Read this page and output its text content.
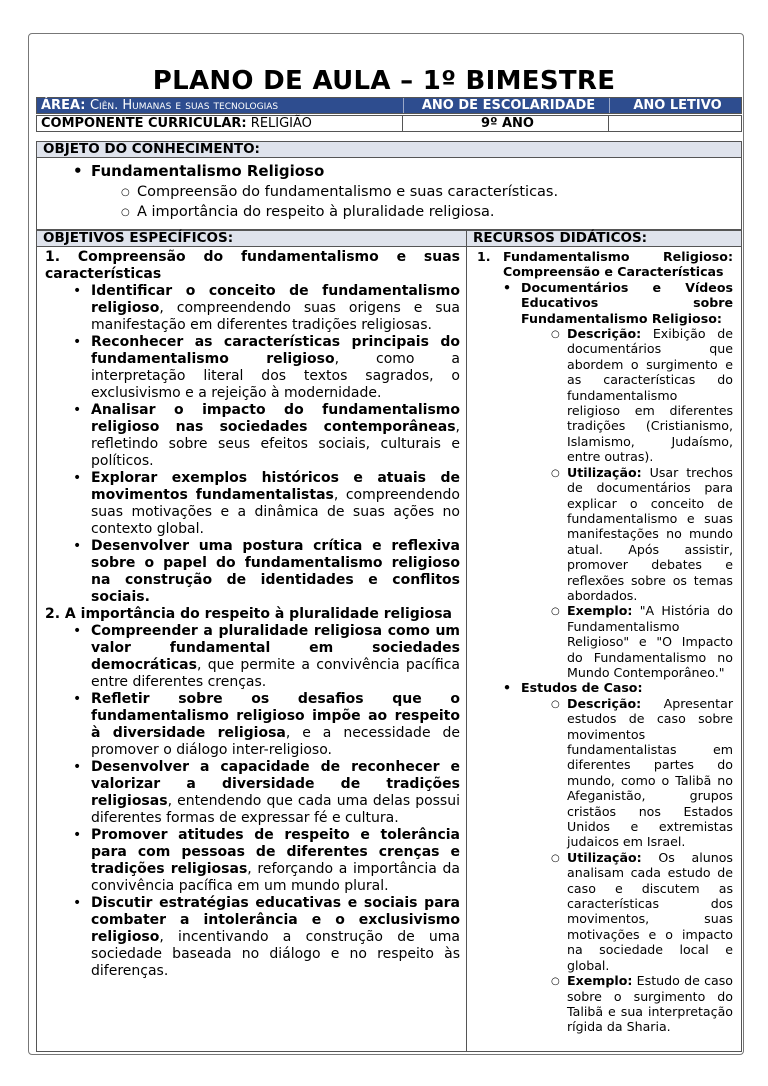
PLANO DE AULA – 1º BIMESTRE
ÁREA: Ciên. Humanas e suas tecnologias	ANO DE ESCOLARIDADE	ANO LETIVO
COMPONENTE CURRICULAR: RELIGIÃO	9º ANO
OBJETO DO CONHECIMENTO:
• Fundamentalismo Religioso
○ Compreensão do fundamentalismo e suas características.
○ A importância do respeito à pluralidade religiosa.
OBJETIVOS ESPECÍFICOS:

1. Compreensão do fundamentalismo e suas características

• Identificar o conceito de fundamentalismo religioso, compreendendo suas origens e sua manifestação em diferentes tradições religiosas.
• Reconhecer as características principais do fundamentalismo religioso, como a interpretação literal dos textos sagrados, o exclusivismo e a rejeição à modernidade.
• Analisar o impacto do fundamentalismo religioso nas sociedades contemporâneas, refletindo sobre seus efeitos sociais, culturais e políticos.
• Explorar exemplos históricos e atuais de movimentos fundamentalistas, compreendendo suas motivações e a dinâmica de suas ações no contexto global.
• Desenvolver uma postura crítica e reflexiva sobre o papel do fundamentalismo religioso na construção de identidades e conflitos sociais.

2. A importância do respeito à pluralidade religiosa

• Compreender a pluralidade religiosa como um valor fundamental em sociedades democráticas, que permite a convivência pacífica entre diferentes crenças.
• Refletir sobre os desafios que o fundamentalismo religioso impõe ao respeito à diversidade religiosa, e a necessidade de promover o diálogo inter-religioso.
• Desenvolver a capacidade de reconhecer e valorizar a diversidade de tradições religiosas, entendendo que cada uma delas possui diferentes formas de expressar fé e cultura.
• Promover atitudes de respeito e tolerância para com pessoas de diferentes crenças e tradições religiosas, reforçando a importância da convivência pacífica em um mundo plural.
• Discutir estratégias educativas e sociais para combater a intolerância e o exclusivismo religioso, incentivando a construção de uma sociedade baseada no diálogo e no respeito às diferenças.
RECURSOS DIDÁTICOS:
1. Fundamentalismo Religioso: Compreensão e Características
• Documentários e Vídeos Educativos sobre Fundamentalismo Religioso:
○ Descrição: Exibição de documentários que abordem o surgimento e as características do fundamentalismo religioso em diferentes tradições (Cristianismo, Islamismo, Judaísmo, entre outras).
○ Utilização: Usar trechos de documentários para explicar o conceito de fundamentalismo e suas manifestações no mundo atual. Após assistir, promover debates e reflexões sobre os temas abordados.
○ Exemplo: "A História do Fundamentalismo Religioso" e "O Impacto do Fundamentalismo no Mundo Contemporâneo."
• Estudos de Caso:
○ Descrição: Apresentar estudos de caso sobre movimentos fundamentalistas em diferentes partes do mundo, como o Talibã no Afeganistão, grupos cristãos nos Estados Unidos e extremistas judaicos em Israel.
○ Utilização: Os alunos analisam cada estudo de caso e discutem as características dos movimentos, suas motivações e o impacto na sociedade local e global.
○ Exemplo: Estudo de caso sobre o surgimento do Talibã e sua interpretação rígida da Sharia.
